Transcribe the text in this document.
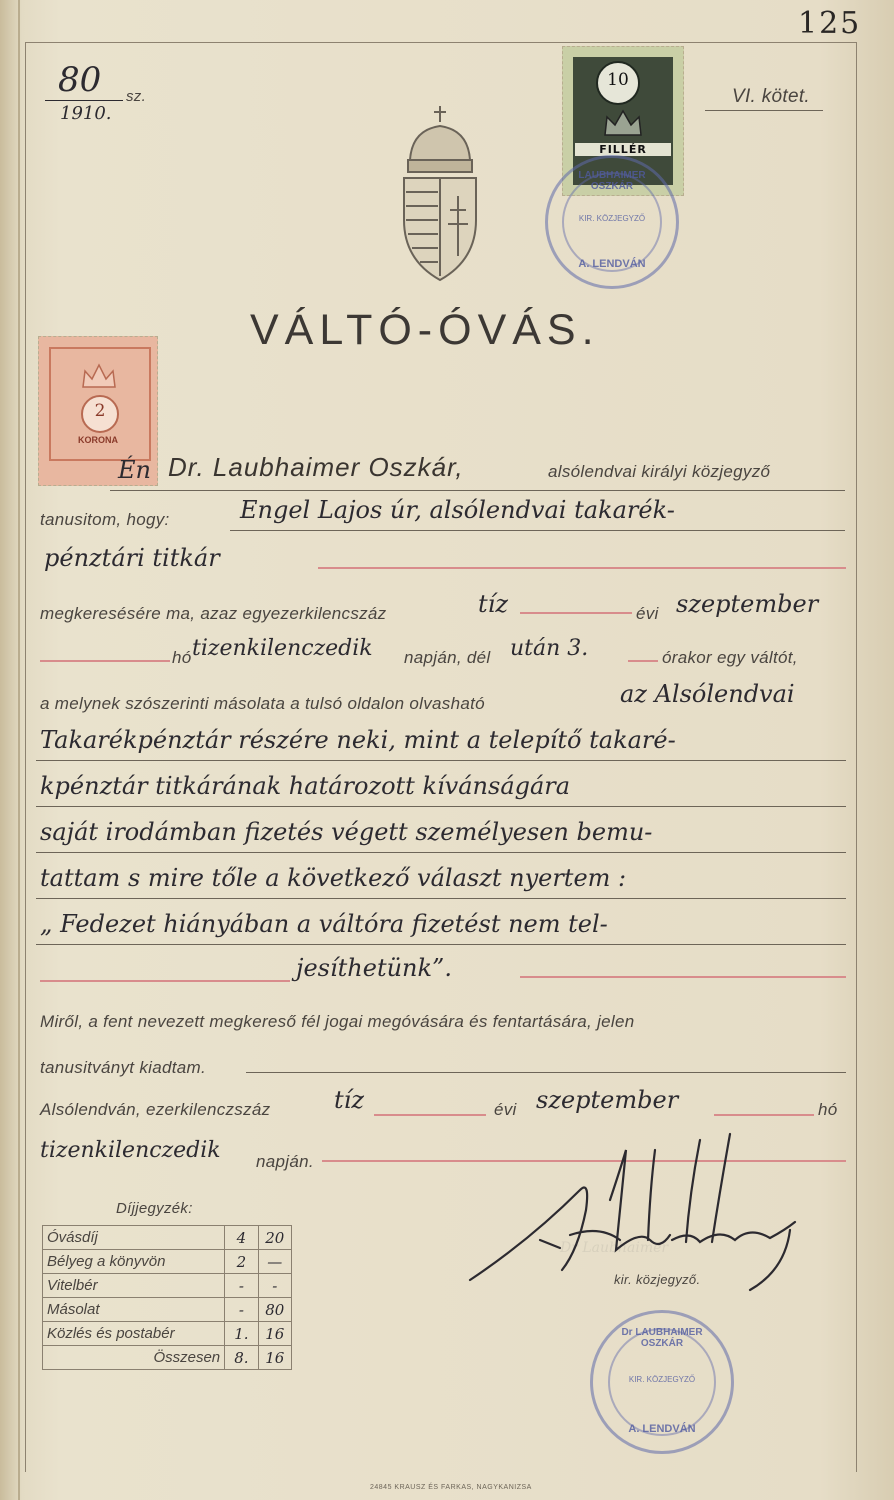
125
80 sz.
1910.
VI. kötet.
10
FILLÉR
LAUBHAIMER OSZKÁR
KIR. KÖZJEGYZŐ
A. LENDVÁN
VÁLTÓ-ÓVÁS.
2
KORONA
Én Dr. Laubhaimer Oszkár,	alsólendvai királyi közjegyző
tanusitom, hogy:	Engel Lajos úr, alsólendvai takarék-
pénztári titkár
megkeresésére ma, azaz egyezerkilencszáz	tíz	évi szeptember
hó tizenkilenczedik napján, dél után 3.	órakor egy váltót,
a melynek szószerinti másolata a tulsó oldalon olvasható	az Alsólendvai
Takarékpénztár részére neki, mint a telepítő takaré-
kpénztár titkárának határozott kívánságára
saját irodámban fizetés végett személyesen bemu-
tattam s mire tőle a következő választ nyertem :
„ Fedezet hiányában a váltóra fizetést nem tel-
jesíthetünk”.
Miről, a fent nevezett megkereső fél jogai megóvására és fentartására, jelen
tanusitványt kiadtam.
Alsólendván, ezerkilenczszáz	tíz	évi szeptember	hó
tizenkilenczedik napján.
Díjjegyzék:
Óvásdíj	4	20
Bélyeg a könyvön	2	—
Vitelbér	-	-
Másolat	-	80
Közlés és postabér	1.	16
Összesen	8.	16
Dr Laubhaimer
kir. közjegyző.
Dr LAUBHAIMER OSZKÁR
KIR. KÖZJEGYZŐ
A. LENDVÁN
24845 KRAUSZ ÉS FARKAS, NAGYKANIZSA
